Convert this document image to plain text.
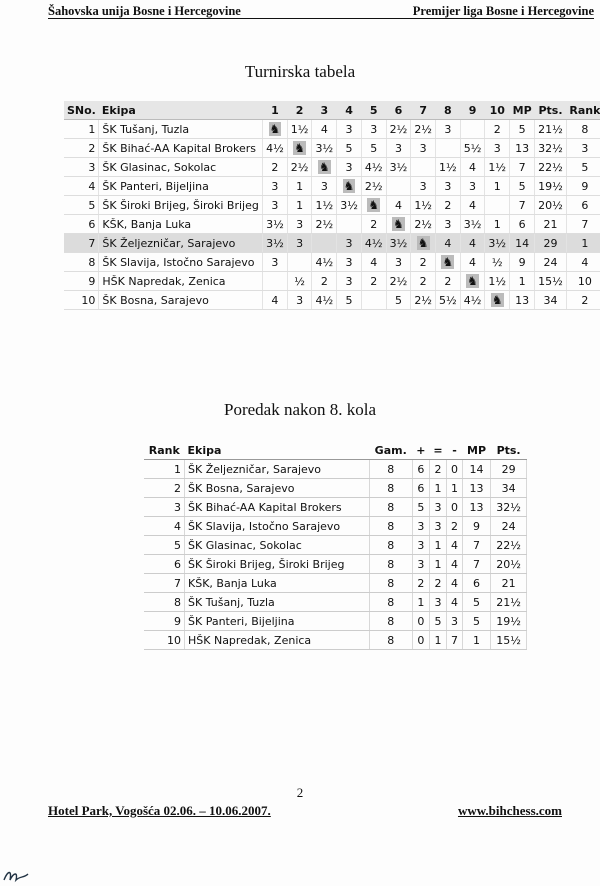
Šahovska unija Bosne i Hercegovine	Premijer liga Bosne i Hercegovine
Turnirska tabela
SNo.	Ekipa	1	2	3	4	5	6	7	8	9	10	MP	Pts.	Rank
1	ŠK Tušanj, Tuzla	♞	1½	4	3	3	2½	2½	3		2	5	21½	8
2	ŠK Bihać-AA Kapital Brokers	4½	♞	3½	5	5	3	3		5½	3	13	32½	3
3	ŠK Glasinac, Sokolac	2	2½	♞	3	4½	3½		1½	4	1½	7	22½	5
4	ŠK Panteri, Bijeljina	3	1	3	♞	2½		3	3	3	1	5	19½	9
5	ŠK Široki Brijeg, Široki Brijeg	3	1	1½	3½	♞	4	1½	2	4		7	20½	6
6	KŠK, Banja Luka	3½	3	2½		2	♞	2½	3	3½	1	6	21	7
7	ŠK Željezničar, Sarajevo	3½	3		3	4½	3½	♞	4	4	3½	14	29	1
8	ŠK Slavija, Istočno Sarajevo	3		4½	3	4	3	2	♞	4	½	9	24	4
9	HŠK Napredak, Zenica		½	2	3	2	2½	2	2	♞	1½	1	15½	10
10	ŠK Bosna, Sarajevo	4	3	4½	5		5	2½	5½	4½	♞	13	34	2
Poredak nakon 8. kola
Rank	Ekipa	Gam.	+	=	-	MP	Pts.
1	ŠK Željezničar, Sarajevo	8	6	2	0	14	29
2	ŠK Bosna, Sarajevo	8	6	1	1	13	34
3	ŠK Bihać-AA Kapital Brokers	8	5	3	0	13	32½
4	ŠK Slavija, Istočno Sarajevo	8	3	3	2	9	24
5	ŠK Glasinac, Sokolac	8	3	1	4	7	22½
6	ŠK Široki Brijeg, Široki Brijeg	8	3	1	4	7	20½
7	KŠK, Banja Luka	8	2	2	4	6	21
8	ŠK Tušanj, Tuzla	8	1	3	4	5	21½
9	ŠK Panteri, Bijeljina	8	0	5	3	5	19½
10	HŠK Napredak, Zenica	8	0	1	7	1	15½
2
Hotel Park, Vogošća 02.06. – 10.06.2007.	www.bihchess.com
